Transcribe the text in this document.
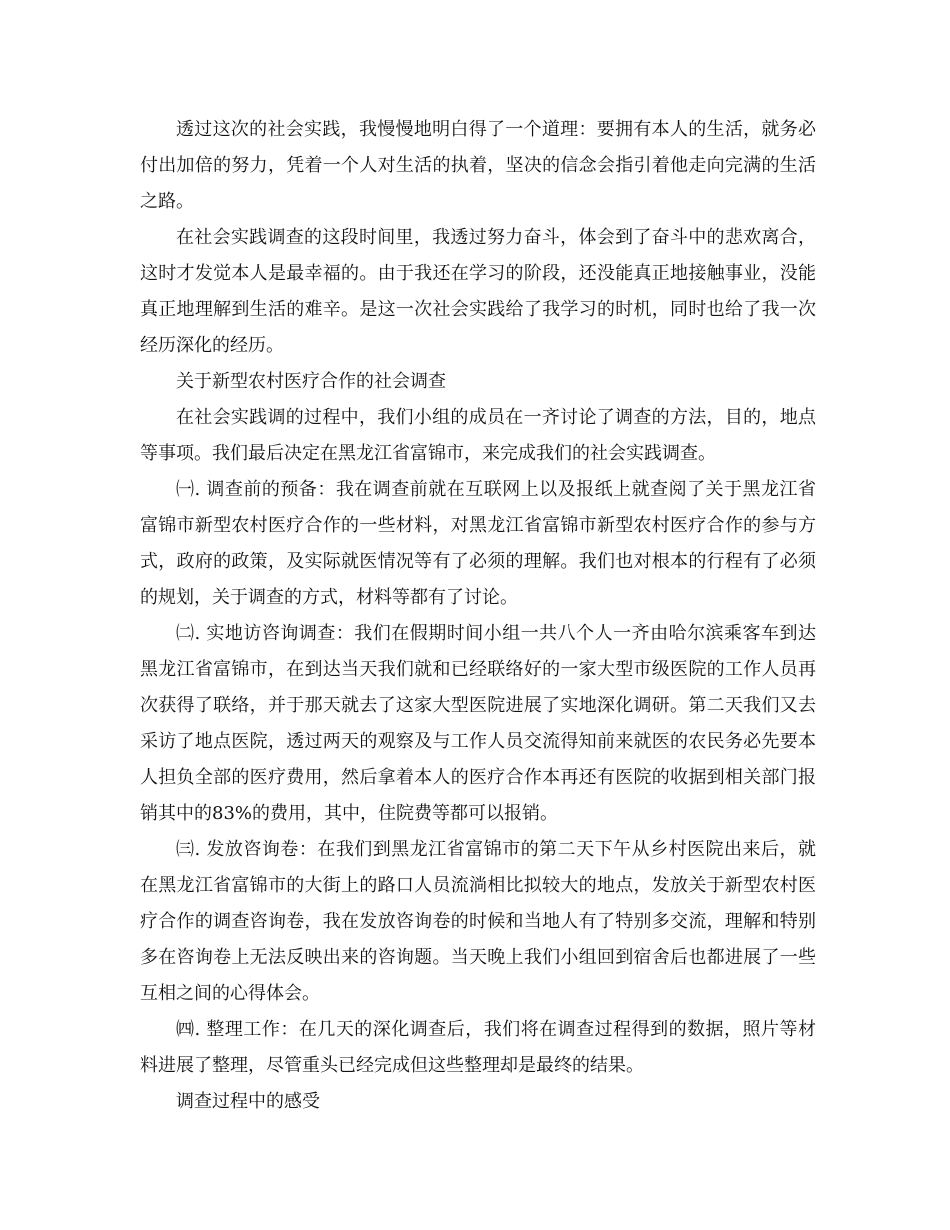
透过这次的社会实践，我慢慢地明白得了一个道理：要拥有本人的生活，就务必付出加倍的努力，凭着一个人对生活的执着，坚决的信念会指引着他走向完满的生活之路。

在社会实践调查的这段时间里，我透过努力奋斗，体会到了奋斗中的悲欢离合，这时才发觉本人是最幸福的。由于我还在学习的阶段，还没能真正地接触事业，没能真正地理解到生活的难辛。是这一次社会实践给了我学习的时机，同时也给了我一次经历深化的经历。

关于新型农村医疗合作的社会调查

在社会实践调的过程中，我们小组的成员在一齐讨论了调查的方法，目的，地点等事项。我们最后决定在黑龙江省富锦市，来完成我们的社会实践调查。

㈠. 调查前的预备：我在调查前就在互联网上以及报纸上就查阅了关于黑龙江省富锦市新型农村医疗合作的一些材料，对黑龙江省富锦市新型农村医疗合作的参与方式，政府的政策，及实际就医情况等有了必须的理解。我们也对根本的行程有了必须的规划，关于调查的方式，材料等都有了讨论。

㈡. 实地访咨询调查：我们在假期时间小组一共八个人一齐由哈尔滨乘客车到达黑龙江省富锦市，在到达当天我们就和已经联络好的一家大型市级医院的工作人员再次获得了联络，并于那天就去了这家大型医院进展了实地深化调研。第二天我们又去采访了地点医院，透过两天的观察及与工作人员交流得知前来就医的农民务必先要本人担负全部的医疗费用，然后拿着本人的医疗合作本再还有医院的收据到相关部门报销其中的83%的费用，其中，住院费等都可以报销。

㈢. 发放咨询卷：在我们到黑龙江省富锦市的第二天下午从乡村医院出来后，就在黑龙江省富锦市的大街上的路口人员流淌相比拟较大的地点，发放关于新型农村医疗合作的调查咨询卷，我在发放咨询卷的时候和当地人有了特别多交流，理解和特别多在咨询卷上无法反映出来的咨询题。当天晚上我们小组回到宿舍后也都进展了一些互相之间的心得体会。

㈣. 整理工作：在几天的深化调查后，我们将在调查过程得到的数据，照片等材料进展了整理，尽管重头已经完成但这些整理却是最终的结果。

调查过程中的感受
